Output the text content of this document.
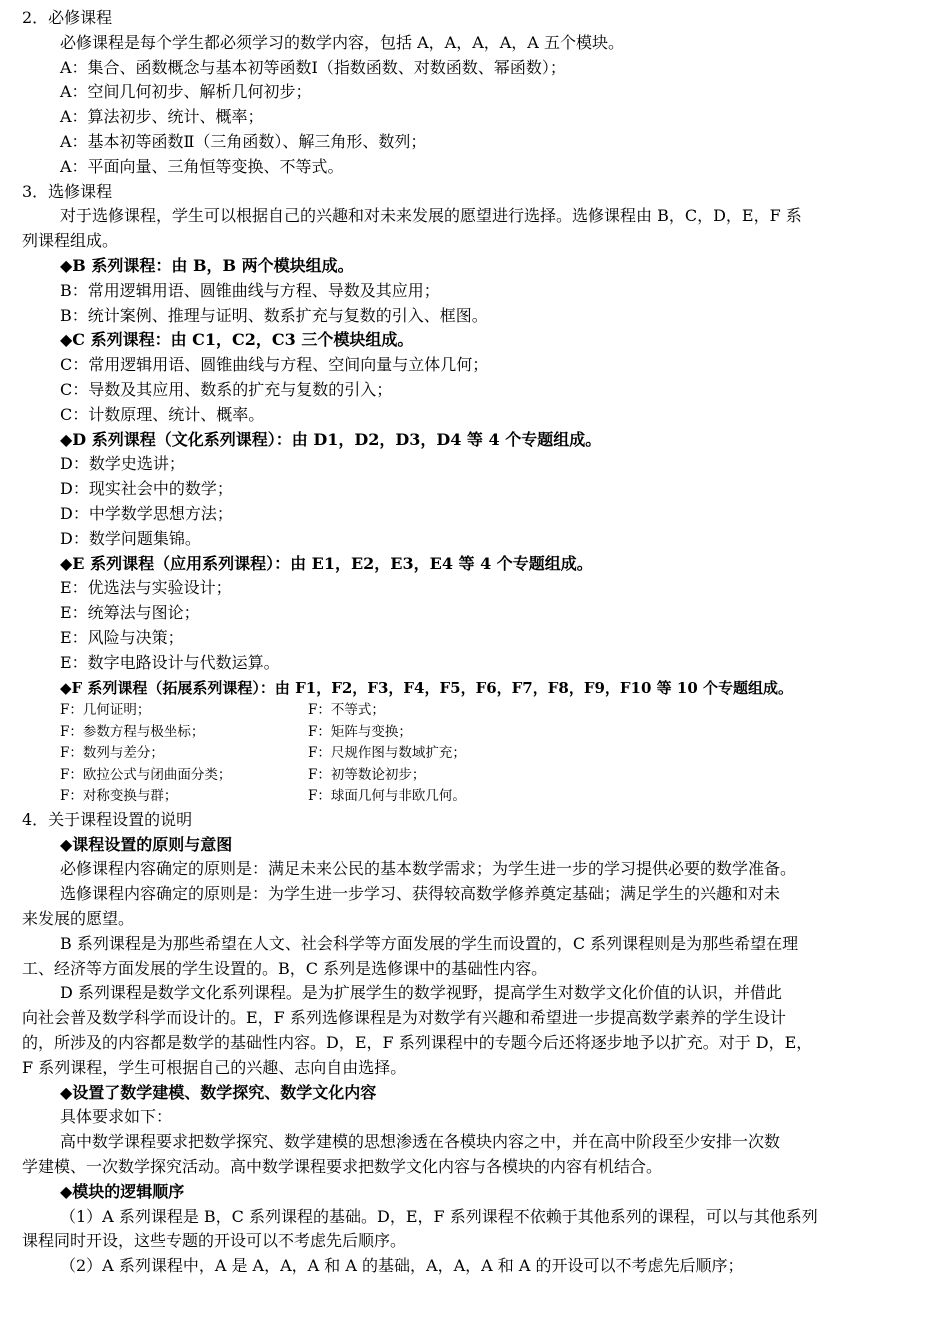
2．必修课程
必修课程是每个学生都必须学习的数学内容，包括 A，A，A，A，A 五个模块。
A：集合、函数概念与基本初等函数Ⅰ（指数函数、对数函数、幂函数）；
A：空间几何初步、解析几何初步；
A：算法初步、统计、概率；
A：基本初等函数Ⅱ（三角函数）、解三角形、数列；
A：平面向量、三角恒等变换、不等式。
3．选修课程
对于选修课程，学生可以根据自己的兴趣和对未来发展的愿望进行选择。选修课程由 B，C，D，E，F 系
列课程组成。
◆B 系列课程：由 B，B 两个模块组成。
B：常用逻辑用语、圆锥曲线与方程、导数及其应用；
B：统计案例、推理与证明、数系扩充与复数的引入、框图。
◆C 系列课程：由 C1，C2，C3 三个模块组成。
C：常用逻辑用语、圆锥曲线与方程、空间向量与立体几何；
C：导数及其应用、数系的扩充与复数的引入；
C：计数原理、统计、概率。
◆D 系列课程（文化系列课程）：由 D1，D2，D3，D4 等 4 个专题组成。
D：数学史选讲；
D：现实社会中的数学；
D：中学数学思想方法；
D：数学问题集锦。
◆E 系列课程（应用系列课程）：由 E1，E2，E3，E4 等 4 个专题组成。
E：优选法与实验设计；
E：统筹法与图论；
E：风险与决策；
E：数字电路设计与代数运算。
◆F 系列课程（拓展系列课程）：由 F1，F2，F3，F4，F5，F6，F7，F8，F9，F10 等 10 个专题组成。
F：几何证明；	F：不等式；
F：参数方程与极坐标；	F：矩阵与变换；
F：数列与差分；	F：尺规作图与数域扩充；
F：欧拉公式与闭曲面分类；	F：初等数论初步；
F：对称变换与群；	F：球面几何与非欧几何。
4．关于课程设置的说明
◆课程设置的原则与意图
必修课程内容确定的原则是：满足未来公民的基本数学需求；为学生进一步的学习提供必要的数学准备。
选修课程内容确定的原则是：为学生进一步学习、获得较高数学修养奠定基础；满足学生的兴趣和对未
来发展的愿望。
B 系列课程是为那些希望在人文、社会科学等方面发展的学生而设置的，C 系列课程则是为那些希望在理
工、经济等方面发展的学生设置的。B，C 系列是选修课中的基础性内容。
D 系列课程是数学文化系列课程。是为扩展学生的数学视野，提高学生对数学文化价值的认识，并借此
向社会普及数学科学而设计的。E，F 系列选修课程是为对数学有兴趣和希望进一步提高数学素养的学生设计
的，所涉及的内容都是数学的基础性内容。D，E，F 系列课程中的专题今后还将逐步地予以扩充。对于 D，E，
F 系列课程，学生可根据自己的兴趣、志向自由选择。
◆设置了数学建模、数学探究、数学文化内容
具体要求如下：
高中数学课程要求把数学探究、数学建模的思想渗透在各模块内容之中，并在高中阶段至少安排一次数
学建模、一次数学探究活动。高中数学课程要求把数学文化内容与各模块的内容有机结合。
◆模块的逻辑顺序
（1）A 系列课程是 B，C 系列课程的基础。D，E，F 系列课程不依赖于其他系列的课程，可以与其他系列
课程同时开设，这些专题的开设可以不考虑先后顺序。
（2）A 系列课程中，A 是 A，A，A 和 A 的基础，A，A，A 和 A 的开设可以不考虑先后顺序；
